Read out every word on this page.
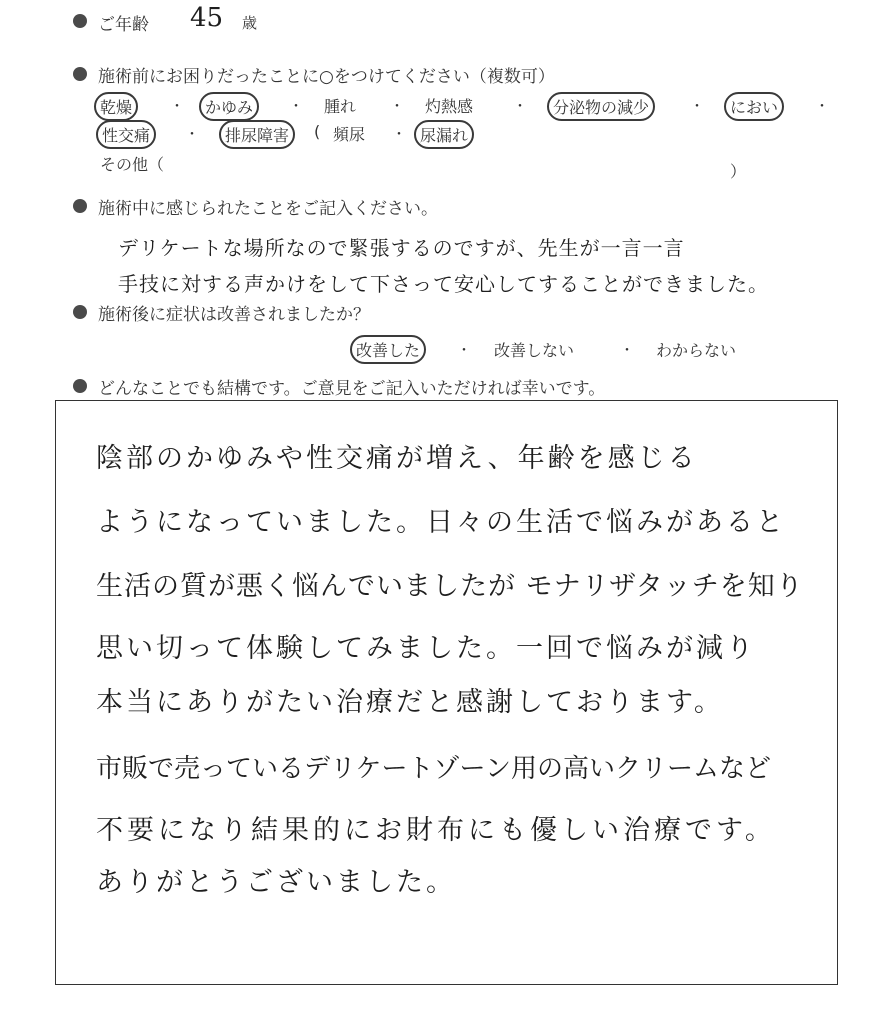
ご年齢 45 歳
施術前にお困りだったことに○をつけてください（複数可）
乾燥	・	かゆみ	・ 腫れ ・ 灼熱感	・	分泌物の減少	・	におい	・
性交痛	・	排尿障害	( 頻尿 ・ 尿漏れ
その他（	）
施術中に感じられたことをご記入ください。
デリケートな場所なので緊張するのですが、先生が一言一言
手技に対する声かけをして下さって安心してすることができました。
施術後に症状は改善されましたか？
改善した	・ 改善しない	・ わからない
どんなことでも結構です。ご意見をご記入いただければ幸いです。
陰部のかゆみや性交痛が増え、年齢を感じる
ようになっていました。日々の生活で悩みがあると
生活の質が悪く悩んでいましたが モナリザタッチを知り
思い切って体験してみました。一回で悩みが減り
本当にありがたい治療だと感謝しております。
市販で売っているデリケートゾーン用の高いクリームなど
不要になり結果的にお財布にも優しい治療です。
ありがとうございました。
